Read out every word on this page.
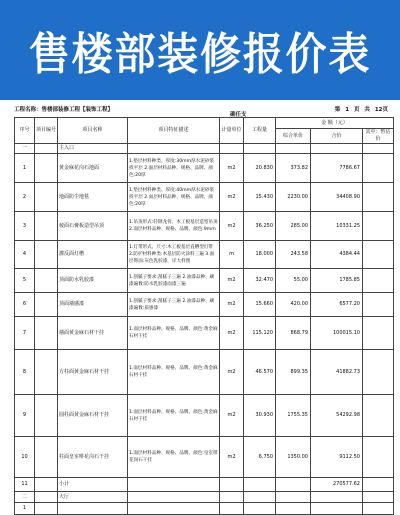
售楼部装修报价表
工程名称：售楼部装修工程【装饰工程】
确任支
第 1 页 共 12页
序号	项目编号	项目名称	项目特征描述	计量单位	工程量	金 额（元）		
						综合单价	合价	其中：暂估价
一		主入口						
1		黄金麻花岗石地面	1.垫层材料种类、厚度:30mm厚水泥砂浆找平层 2.面层材料品种、规格、品牌、颜色:20厚	m2	20.830	373.82	7786.67	
2		地面防尘地毯	1.垫层材料种类、厚度:40mm厚水泥砂浆找平层 2.面层材料品种、规格、品牌、颜色:20厚	m2	15.430	2230.00	34408.90	
3		棱面石膏板造型吊顶	1.吊顶形式:轻钢龙骨、木工板基层造型吊顶 2.面层材料品种、规格、品牌、颜色:9mm	m2	36.250	285.00	10331.25	
4		灌反面灯槽	1.灯带形式、尺寸:木工板基层直槽型灯带 2.防护材料种类:木基层防火涂料三遍 3.面层饰面:灰色乳胶漆，详大样图	m	18.000	243.58	4384.44	
5		顶面防水乳胶漆	1.刮腻子要求:刮腻子三遍 2.油漆品种、刷漆遍数:防水乳胶漆面漆三遍	m2	32.470	55.00	1785.85	
6		顶面墙感漆	1.刮腻子要求:刮腻子三遍 2.油漆品种、刷漆遍数:质感漆	m2	15.660	420.00	6577.20	
7		墙面黄金麻石材干挂	1.面层材料品种、规格、品牌、颜色:黄金麻石材干挂	m2	115.120	868.79	100015.10	
8		方柱面黄金麻石材干挂	1.面层材料品种、规格、品牌、颜色:黄金麻石材干挂	m2	46.570	899.35	41882.73	
9		圆柱面黄金麻石材干挂	1.面层材料品种、规格、品牌、颜色:黄金麻石材干挂	m2	30.930	1755.35	54292.98	
10		柱面皇室啡花岗石干挂	1.面层材料品种、规格、品牌、颜色:皇室啡花岗石干挂	m2	6.750	1350.00	9112.50	
11		小计					270577.62	
二		大厅						
1								
